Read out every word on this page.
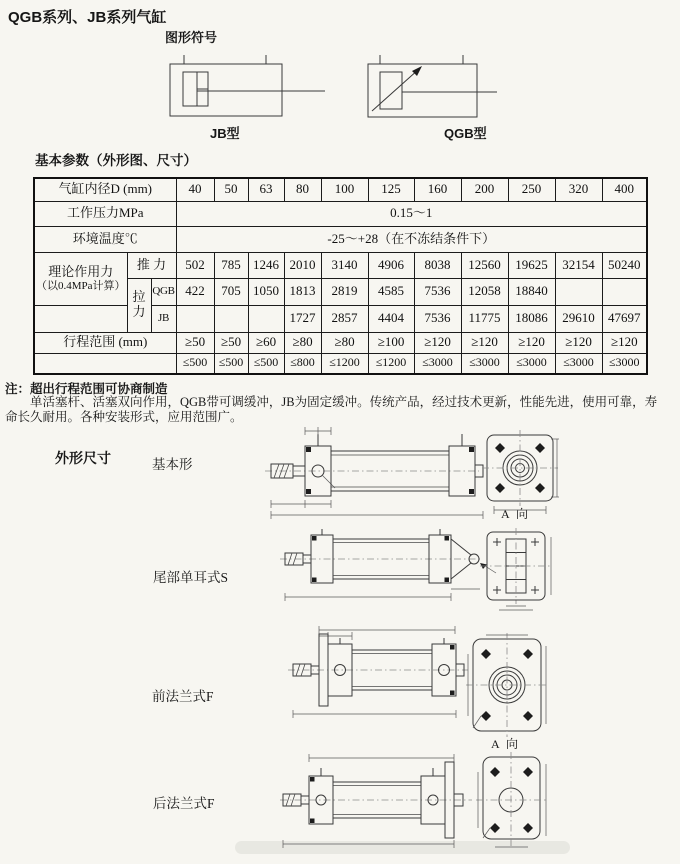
QGB系列、JB系列气缸
图形符号
JB型	QGB型
基本参数（外形图、尺寸）
气缸内径D (mm)			40	50	63	80	100	125	160	200	250	320	400
工作压力MPa			0.15～1										
环境温度℃			-25～+28（在不冻结条件下）										

理论作用力
（以0.4MPa计算）	推 力		502	785	1246	2010	3140	4906	8038	12560	19625	32154	50240
	拉力	QGB	422	705	1050	1813	2819	4585	7536	12058	18840		
		JB				1727	2857	4404	7536	11775	18086	29610	47697
行程范围 (mm)			≥50	≥50	≥60	≥80	≥80	≥100	≥120	≥120	≥120	≥120	≥120
			≤500	≤500	≤500	≤800	≤1200	≤1200	≤3000	≤3000	≤3000	≤3000	≤3000
注：超出行程范围可协商制造
单活塞杆、活塞双向作用，QGB带可调缓冲，JB为固定缓冲。传统产品，经过技术更新，性能先进，使用可靠，寿命长久耐用。各种安装形式，应用范围广。
外形尺寸	基本形
尾部单耳式S
前法兰式F
后法兰式F
A 向
A 向
